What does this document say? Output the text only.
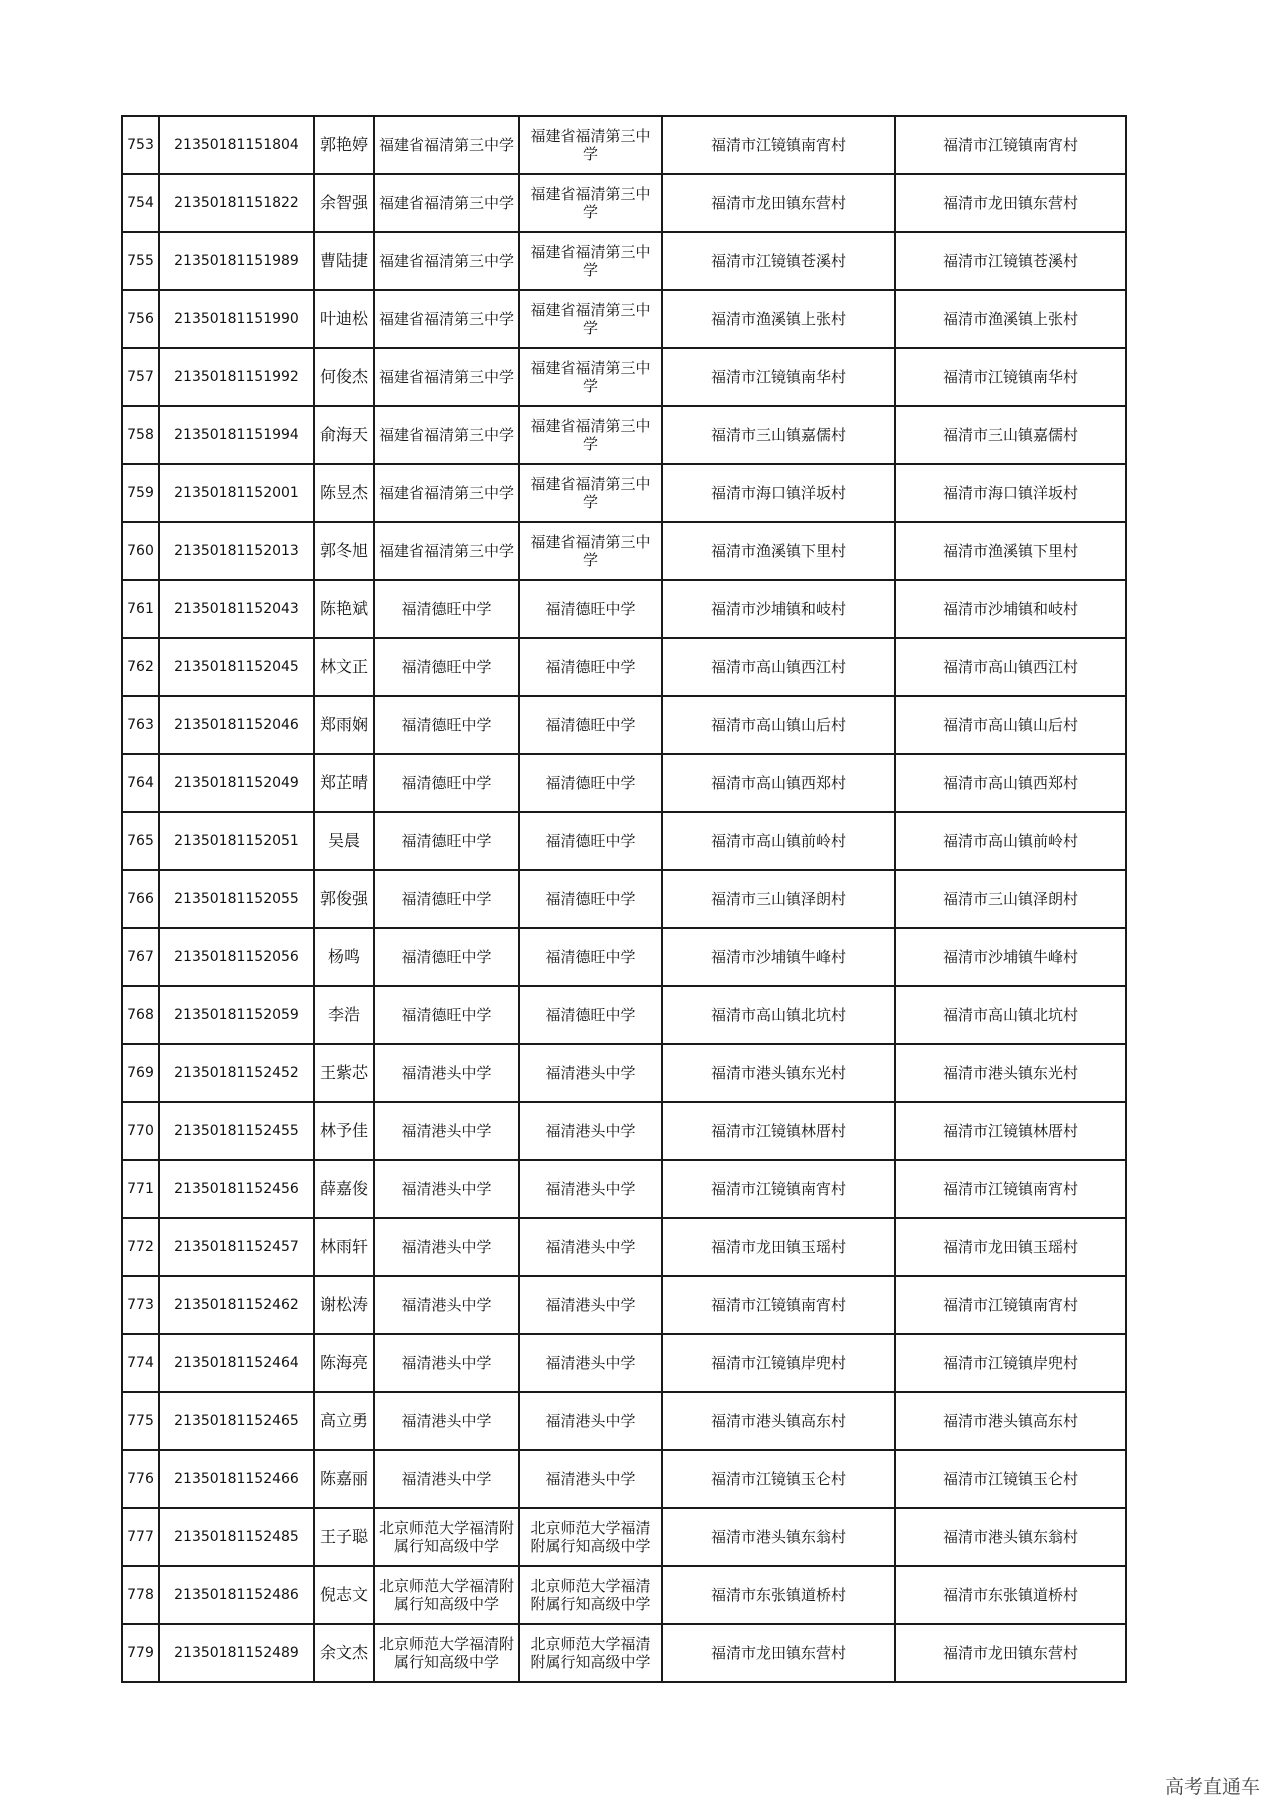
753	21350181151804	郭艳婷	福建省福清第三中学	福建省福清第三中学	福清市江镜镇南宵村	福清市江镜镇南宵村
754	21350181151822	余智强	福建省福清第三中学	福建省福清第三中学	福清市龙田镇东营村	福清市龙田镇东营村
755	21350181151989	曹陆捷	福建省福清第三中学	福建省福清第三中学	福清市江镜镇苍溪村	福清市江镜镇苍溪村
756	21350181151990	叶迪松	福建省福清第三中学	福建省福清第三中学	福清市渔溪镇上张村	福清市渔溪镇上张村
757	21350181151992	何俊杰	福建省福清第三中学	福建省福清第三中学	福清市江镜镇南华村	福清市江镜镇南华村
758	21350181151994	俞海天	福建省福清第三中学	福建省福清第三中学	福清市三山镇嘉儒村	福清市三山镇嘉儒村
759	21350181152001	陈昱杰	福建省福清第三中学	福建省福清第三中学	福清市海口镇洋坂村	福清市海口镇洋坂村
760	21350181152013	郭冬旭	福建省福清第三中学	福建省福清第三中学	福清市渔溪镇下里村	福清市渔溪镇下里村
761	21350181152043	陈艳斌	福清德旺中学	福清德旺中学	福清市沙埔镇和岐村	福清市沙埔镇和岐村
762	21350181152045	林文正	福清德旺中学	福清德旺中学	福清市高山镇西江村	福清市高山镇西江村
763	21350181152046	郑雨娴	福清德旺中学	福清德旺中学	福清市高山镇山后村	福清市高山镇山后村
764	21350181152049	郑芷晴	福清德旺中学	福清德旺中学	福清市高山镇西郑村	福清市高山镇西郑村
765	21350181152051	吴晨	福清德旺中学	福清德旺中学	福清市高山镇前岭村	福清市高山镇前岭村
766	21350181152055	郭俊强	福清德旺中学	福清德旺中学	福清市三山镇泽朗村	福清市三山镇泽朗村
767	21350181152056	杨鸣	福清德旺中学	福清德旺中学	福清市沙埔镇牛峰村	福清市沙埔镇牛峰村
768	21350181152059	李浩	福清德旺中学	福清德旺中学	福清市高山镇北坑村	福清市高山镇北坑村
769	21350181152452	王紫芯	福清港头中学	福清港头中学	福清市港头镇东光村	福清市港头镇东光村
770	21350181152455	林予佳	福清港头中学	福清港头中学	福清市江镜镇林厝村	福清市江镜镇林厝村
771	21350181152456	薛嘉俊	福清港头中学	福清港头中学	福清市江镜镇南宵村	福清市江镜镇南宵村
772	21350181152457	林雨轩	福清港头中学	福清港头中学	福清市龙田镇玉瑶村	福清市龙田镇玉瑶村
773	21350181152462	谢松涛	福清港头中学	福清港头中学	福清市江镜镇南宵村	福清市江镜镇南宵村
774	21350181152464	陈海亮	福清港头中学	福清港头中学	福清市江镜镇岸兜村	福清市江镜镇岸兜村
775	21350181152465	高立勇	福清港头中学	福清港头中学	福清市港头镇高东村	福清市港头镇高东村
776	21350181152466	陈嘉丽	福清港头中学	福清港头中学	福清市江镜镇玉仑村	福清市江镜镇玉仑村
777	21350181152485	王子聪	北京师范大学福清附属行知高级中学	北京师范大学福清附属行知高级中学	福清市港头镇东翁村	福清市港头镇东翁村
778	21350181152486	倪志文	北京师范大学福清附属行知高级中学	北京师范大学福清附属行知高级中学	福清市东张镇道桥村	福清市东张镇道桥村
779	21350181152489	余文杰	北京师范大学福清附属行知高级中学	北京师范大学福清附属行知高级中学	福清市龙田镇东营村	福清市龙田镇东营村
高考直通车
